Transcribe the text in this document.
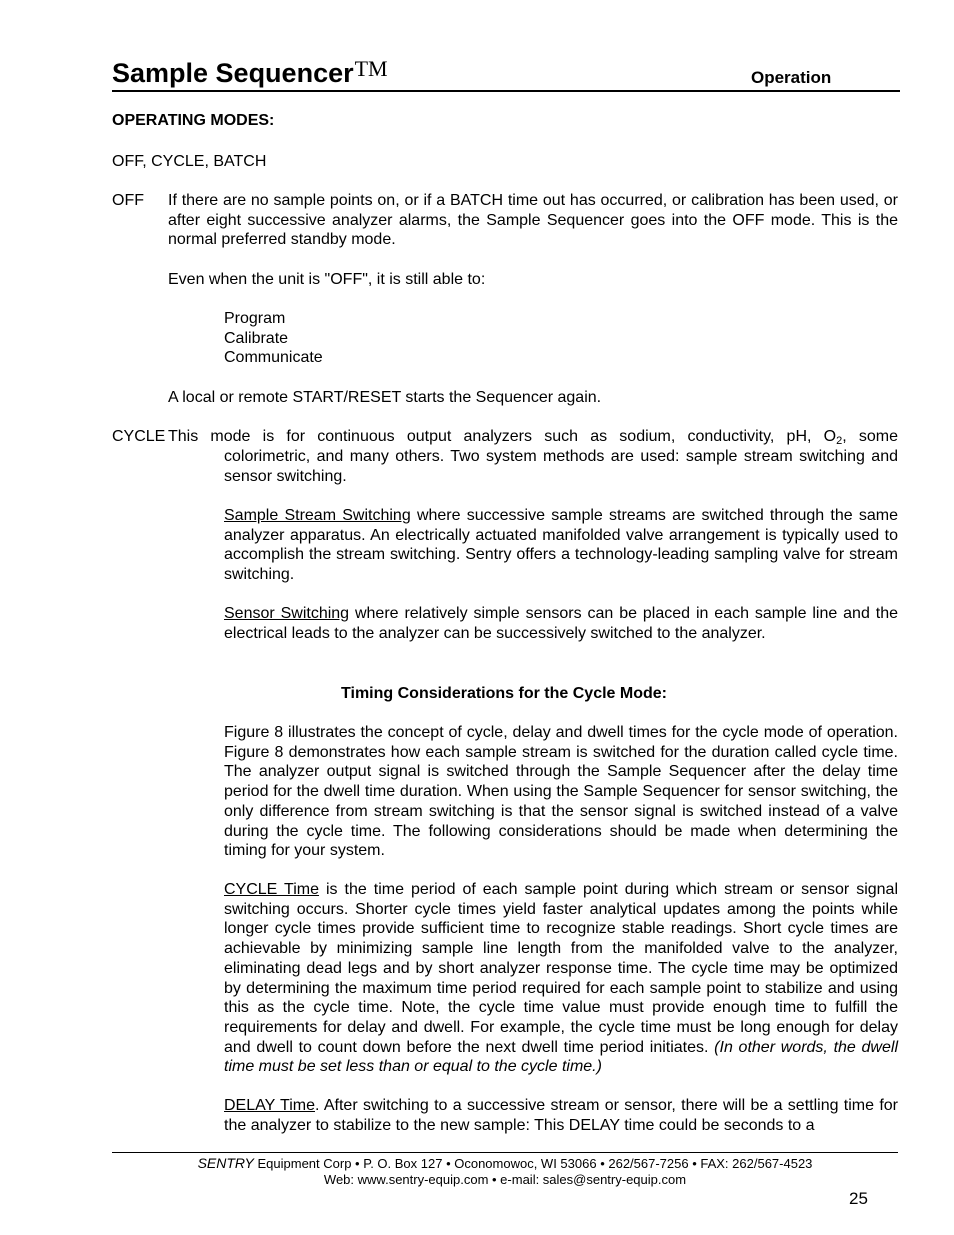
Sample Sequencer™	Operation
OPERATING MODES:
OFF, CYCLE, BATCH
OFF If there are no sample points on, or if a BATCH time out has occurred, or calibration has been used, or after eight successive analyzer alarms, the Sample Sequencer goes into the OFF mode. This is the normal preferred standby mode.
Even when the unit is "OFF", it is still able to:
Program
Calibrate
Communicate
A local or remote START/RESET starts the Sequencer again.
CYCLE This mode is for continuous output analyzers such as sodium, conductivity, pH, $O_2$, some
colorimetric, and many others. Two system methods are used: sample stream switching and sensor switching.
Sample Stream Switching where successive sample streams are switched through the same analyzer apparatus. An electrically actuated manifolded valve arrangement is typically used to accomplish the stream switching. Sentry offers a technology-leading sampling valve for stream switching.
Sensor Switching where relatively simple sensors can be placed in each sample line and the electrical leads to the analyzer can be successively switched to the analyzer.
Timing Considerations for the Cycle Mode:
Figure 8 illustrates the concept of cycle, delay and dwell times for the cycle mode of operation. Figure 8 demonstrates how each sample stream is switched for the duration called cycle time. The analyzer output signal is switched through the Sample Sequencer after the delay time period for the dwell time duration. When using the Sample Sequencer for sensor switching, the only difference from stream switching is that the sensor signal is switched instead of a valve during the cycle time. The following considerations should be made when determining the timing for your system.
CYCLE Time is the time period of each sample point during which stream or sensor signal switching occurs. Shorter cycle times yield faster analytical updates among the points while longer cycle times provide sufficient time to recognize stable readings. Short cycle times are achievable by minimizing sample line length from the manifolded valve to the analyzer, eliminating dead legs and by short analyzer response time. The cycle time may be optimized by determining the maximum time period required for each sample point to stabilize and using this as the cycle time. Note, the cycle time value must provide enough time to fulfill the requirements for delay and dwell. For example, the cycle time must be long enough for delay and dwell to count down before the next dwell time period initiates. (In other words, the dwell time must be set less than or equal to the cycle time.)
DELAY Time. After switching to a successive stream or sensor, there will be a settling time for the analyzer to stabilize to the new sample: This DELAY time could be seconds to a
SENTRY Equipment Corp • P. O. Box 127 • Oconomowoc, WI 53066 • 262/567-7256 • FAX: 262/567-4523
Web: www.sentry-equip.com • e-mail: sales@sentry-equip.com
25
